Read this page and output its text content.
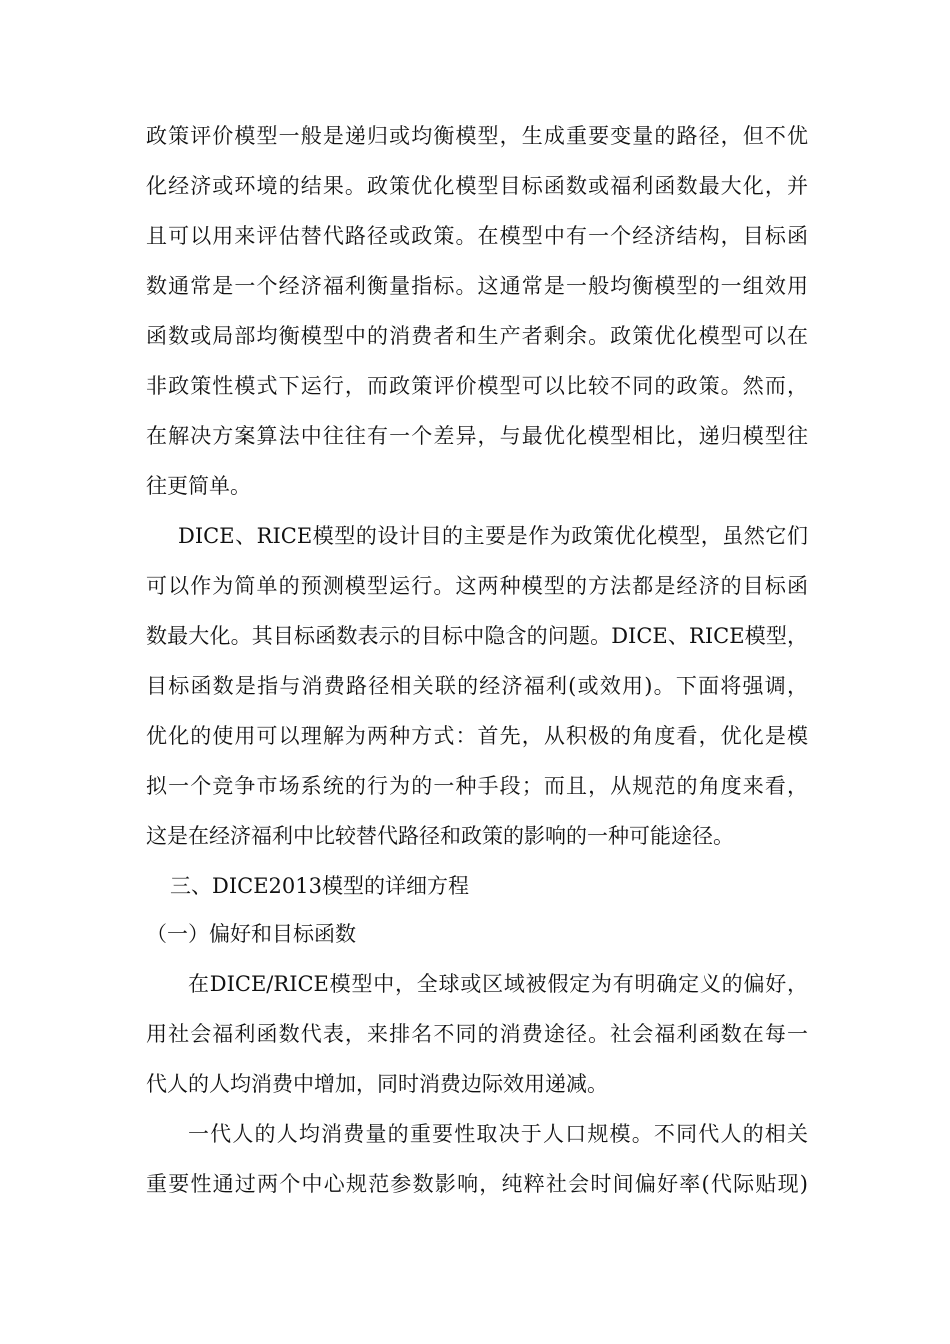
政策评价模型一般是递归或均衡模型，生成重要变量的路径，但不优
化经济或环境的结果。政策优化模型目标函数或福利函数最大化，并
且可以用来评估替代路径或政策。在模型中有一个经济结构，目标函
数通常是一个经济福利衡量指标。这通常是一般均衡模型的一组效用
函数或局部均衡模型中的消费者和生产者剩余。政策优化模型可以在
非政策性模式下运行，而政策评价模型可以比较不同的政策。然而，
在解决方案算法中往往有一个差异，与最优化模型相比，递归模型往
往更简单。
DICE、RICE模型的设计目的主要是作为政策优化模型，虽然它们
可以作为简单的预测模型运行。这两种模型的方法都是经济的目标函
数最大化。其目标函数表示的目标中隐含的问题。DICE、RICE模型，
目标函数是指与消费路径相关联的经济福利(或效用)。下面将强调，
优化的使用可以理解为两种方式：首先，从积极的角度看，优化是模
拟一个竞争市场系统的行为的一种手段；而且，从规范的角度来看，
这是在经济福利中比较替代路径和政策的影响的一种可能途径。
三、DICE2013模型的详细方程
（一）偏好和目标函数
在DICE/RICE模型中，全球或区域被假定为有明确定义的偏好，
用社会福利函数代表，来排名不同的消费途径。社会福利函数在每一
代人的人均消费中增加，同时消费边际效用递减。
一代人的人均消费量的重要性取决于人口规模。不同代人的相关
重要性通过两个中心规范参数影响，纯粹社会时间偏好率(代际贴现)
